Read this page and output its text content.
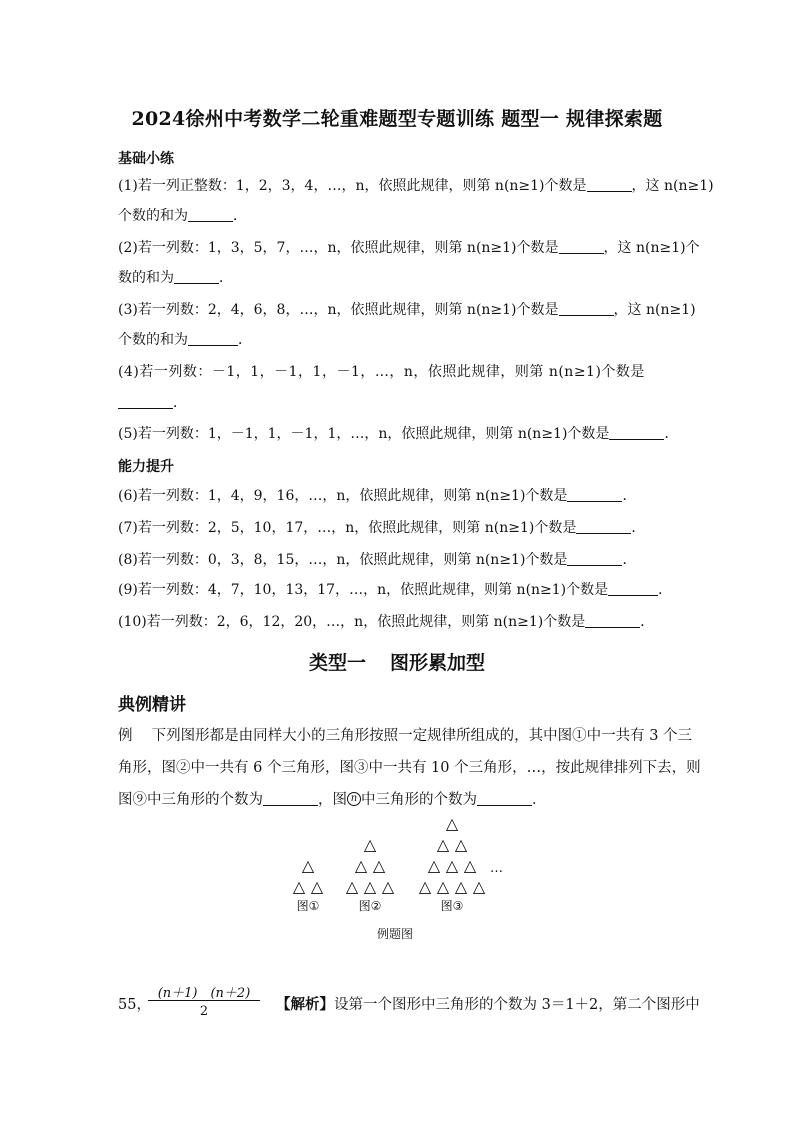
2024徐州中考数学二轮重难题型专题训练 题型一 规律探索题
基础小练
(1)若一列正整数：1，2，3，4，…，n，依照此规律，则第 n(n≥1)个数是	，这 n(n≥1)
个数的和为	．
(2)若一列数：1，3，5，7，…，n，依照此规律，则第 n(n≥1)个数是	，这 n(n≥1)个
数的和为	．
(3)若一列数：2，4，6，8，…，n，依照此规律，则第 n(n≥1)个数是	，这 n(n≥1)
个数的和为	．
(4)若一列数：－1，1，－1，1，－1，…，n，依照此规律，则第 n(n≥1)个数是
．
(5)若一列数：1，－1，1，－1，1，…，n，依照此规律，则第 n(n≥1)个数是	．
能力提升
(6)若一列数：1，4，9，16，…，n，依照此规律，则第 n(n≥1)个数是	．
(7)若一列数：2，5，10，17，…，n，依照此规律，则第 n(n≥1)个数是	．
(8)若一列数：0，3，8，15，…，n，依照此规律，则第 n(n≥1)个数是	．
(9)若一列数：4，7，10，13，17，…，n，依照此规律，则第 n(n≥1)个数是	．
(10)若一列数：2，6，12，20，…，n，依照此规律，则第 n(n≥1)个数是	．
类型一 图形累加型
典例精讲
例　 下列图形都是由同样大小的三角形按照一定规律所组成的，其中图①中一共有 3 个三
角形，图②中一共有 6 个三角形，图③中一共有 10 个三角形，…，按此规律排列下去，则
图⑨中三角形的个数为	，图 n 中三角形的个数为	．
△
△ △
△
△ △
△ △ △
△
△ △
△ △ △
△ △ △ △
…
图①	图②	图③
例题图
55，
(n＋1)　(n＋2)
2	【解析】设第一个图形中三角形的个数为 3＝1＋2，第二个图形中
